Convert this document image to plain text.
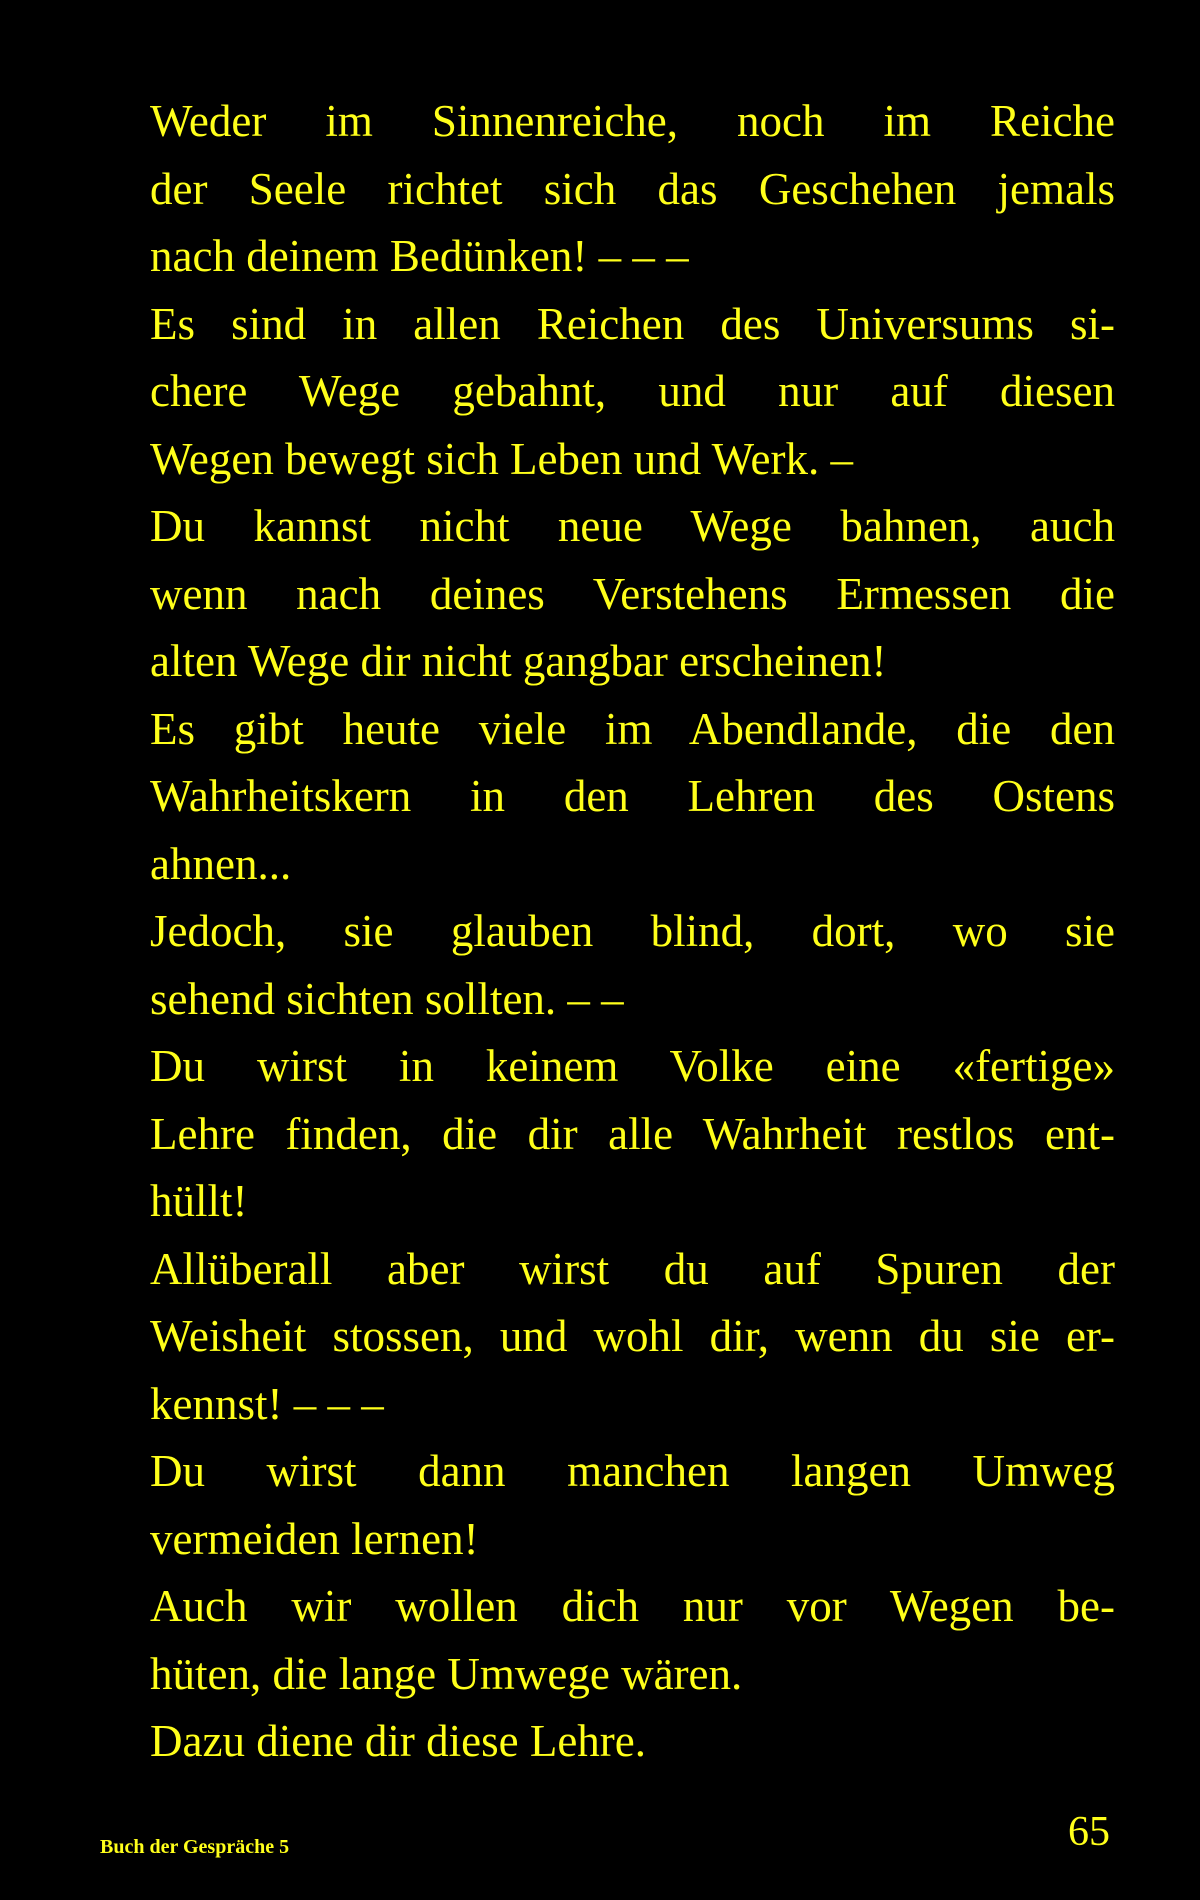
Weder im Sinnenreiche, noch im Reiche
der Seele richtet sich das Geschehen jemals
nach deinem Bedünken! – – –

Es sind in allen Reichen des Universums si-
chere Wege gebahnt, und nur auf diesen
Wegen bewegt sich Leben und Werk. –

Du kannst nicht neue Wege bahnen, auch
wenn nach deines Verstehens Ermessen die
alten Wege dir nicht gangbar erscheinen!

Es gibt heute viele im Abendlande, die den
Wahrheitskern in den Lehren des Ostens
ahnen...

Jedoch, sie glauben blind, dort, wo sie
sehend sichten sollten. – –

Du wirst in keinem Volke eine «fertige»
Lehre finden, die dir alle Wahrheit restlos ent-
hüllt!

Allüberall aber wirst du auf Spuren der
Weisheit stossen, und wohl dir, wenn du sie er-
kennst! – – –

Du wirst dann manchen langen Umweg
vermeiden lernen!

Auch wir wollen dich nur vor Wegen be-
hüten, die lange Umwege wären.

Dazu diene dir diese Lehre.

Buch der Gespräche 5	65
